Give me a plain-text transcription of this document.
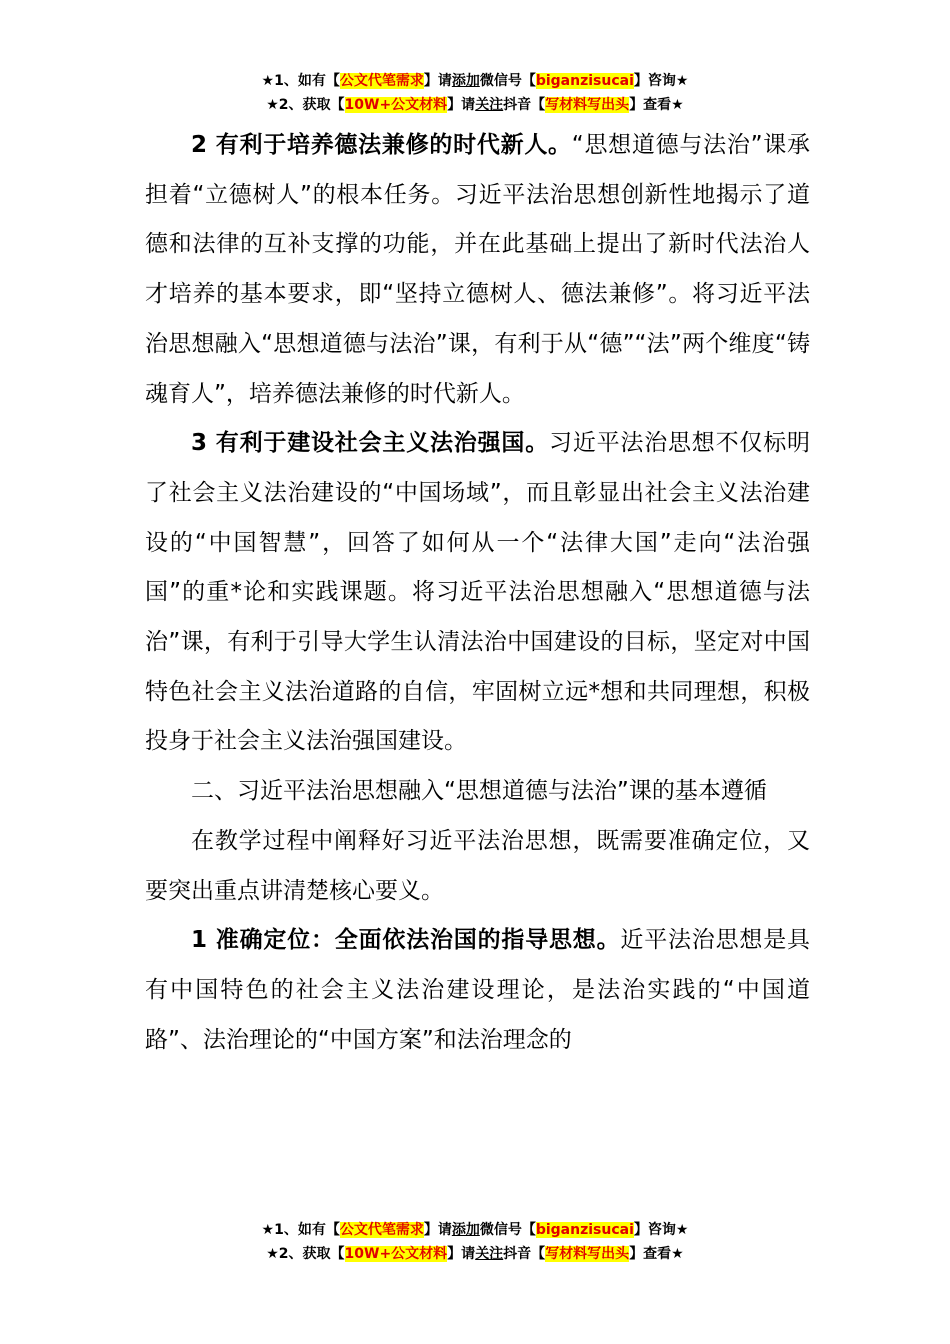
★1、如有【公文代笔需求】请添加微信号【biganzisucai】咨询★
★2、获取【10W+公文材料】请关注抖音【写材料写出头】查看★

2 有利于培养德法兼修的时代新人。“思想道德与法治”课承担着“立德树人”的根本任务。习近平法治思想创新性地揭示了道德和法律的互补支撑的功能，并在此基础上提出了新时代法治人才培养的基本要求，即“坚持立德树人、德法兼修”。将习近平法治思想融入“思想道德与法治”课，有利于从“德”“法”两个维度“铸魂育人”，培养德法兼修的时代新人。

3 有利于建设社会主义法治强国。习近平法治思想不仅标明了社会主义法治建设的“中国场域”，而且彰显出社会主义法治建设的“中国智慧”，回答了如何从一个“法律大国”走向“法治强国”的重*论和实践课题。将习近平法治思想融入“思想道德与法治”课，有利于引导大学生认清法治中国建设的目标，坚定对中国特色社会主义法治道路的自信，牢固树立远*想和共同理想，积极投身于社会主义法治强国建设。

二、习近平法治思想融入“思想道德与法治”课的基本遵循

在教学过程中阐释好习近平法治思想，既需要准确定位，又要突出重点讲清楚核心要义。

1 准确定位：全面依法治国的指导思想。近平法治思想是具有中国特色的社会主义法治建设理论，是法治实践的“中国道路”、法治理论的“中国方案”和法治理念的

★1、如有【公文代笔需求】请添加微信号【biganzisucai】咨询★
★2、获取【10W+公文材料】请关注抖音【写材料写出头】查看★
